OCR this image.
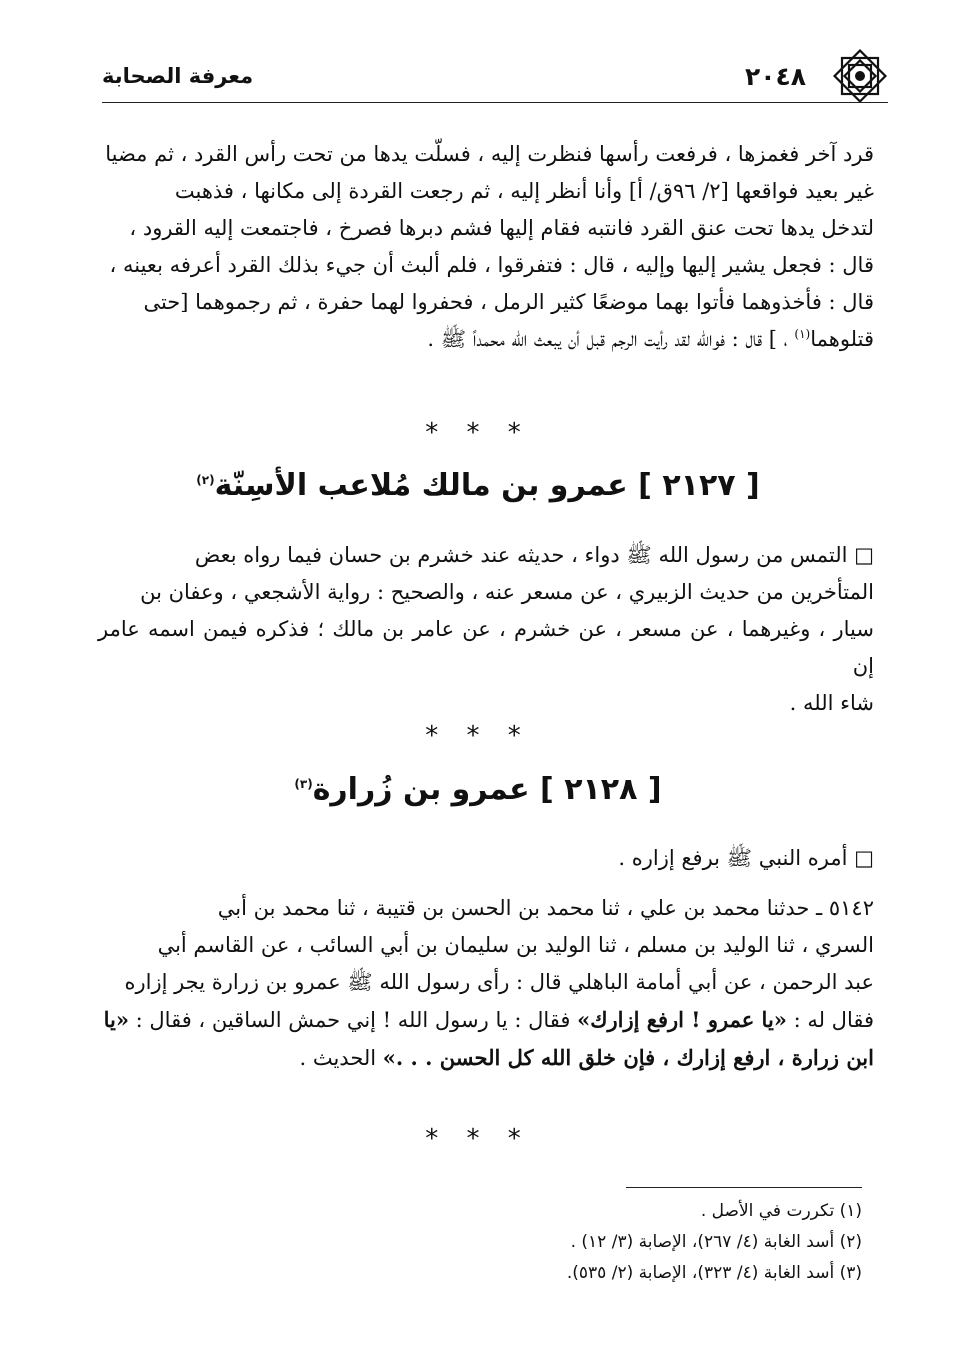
٢٠٤٨
معرفة الصحابة
قرد آخر فغمزها ، فرفعت رأسها فنظرت إليه ، فسلّت يدها من تحت رأس القرد ، ثم مضيا
غير بعيد فواقعها [٢/ ٩٦ق/ أ] وأنا أنظر إليه ، ثم رجعت القردة إلى مكانها ، فذهبت
لتدخل يدها تحت عنق القرد فانتبه فقام إليها فشم دبرها فصرخ ، فاجتمعت إليه القرود ،
قال : فجعل يشير إليها وإليه ، قال : فتفرقوا ، فلم ألبث أن جيء بذلك القرد أعرفه بعينه ،
قال : فأخذوهما فأتوا بهما موضعًا كثير الرمل ، فحفروا لهما حفرة ، ثم رجموهما [حتى
قتلوهما$^{(١)}$ ، ] قال : فوالله لقد رأيت الرجم قبل أن يبعث الله محمداً ﷺ .
* * *
[ ٢١٢٧ ] عمرو بن مالك مُلاعب الأسِنّة$^{(٢)}$
□ التمس من رسول الله ﷺ دواء ، حديثه عند خشرم بن حسان فيما رواه بعض
المتأخرين من حديث الزبيري ، عن مسعر عنه ، والصحيح : رواية الأشجعي ، وعفان بن
سيار ، وغيرهما ، عن مسعر ، عن خشرم ، عن عامر بن مالك ؛ فذكره فيمن اسمه عامر إن
شاء الله .
* * *
[ ٢١٢٨ ] عمرو بن زُرارة$^{(٣)}$
□ أمره النبي ﷺ برفع إزاره .
٥١٤٢ ـ حدثنا محمد بن علي ، ثنا محمد بن الحسن بن قتيبة ، ثنا محمد بن أبي
السري ، ثنا الوليد بن مسلم ، ثنا الوليد بن سليمان بن أبي السائب ، عن القاسم أبي
عبد الرحمن ، عن أبي أمامة الباهلي قال : رأى رسول الله ﷺ عمرو بن زرارة يجر إزاره
فقال له : «يا عمرو ! ارفع إزارك» فقال : يا رسول الله ! إني حمش الساقين ، فقال : «يا
ابن زرارة ، ارفع إزارك ، فإن خلق الله كل الحسن . . .» الحديث .
* * *
(١) تكررت في الأصل .
(٢) أسد الغابة (٤/ ٢٦٧)، الإصابة (٣/ ١٢) .
(٣) أسد الغابة (٤/ ٣٢٣)، الإصابة (٢/ ٥٣٥).
